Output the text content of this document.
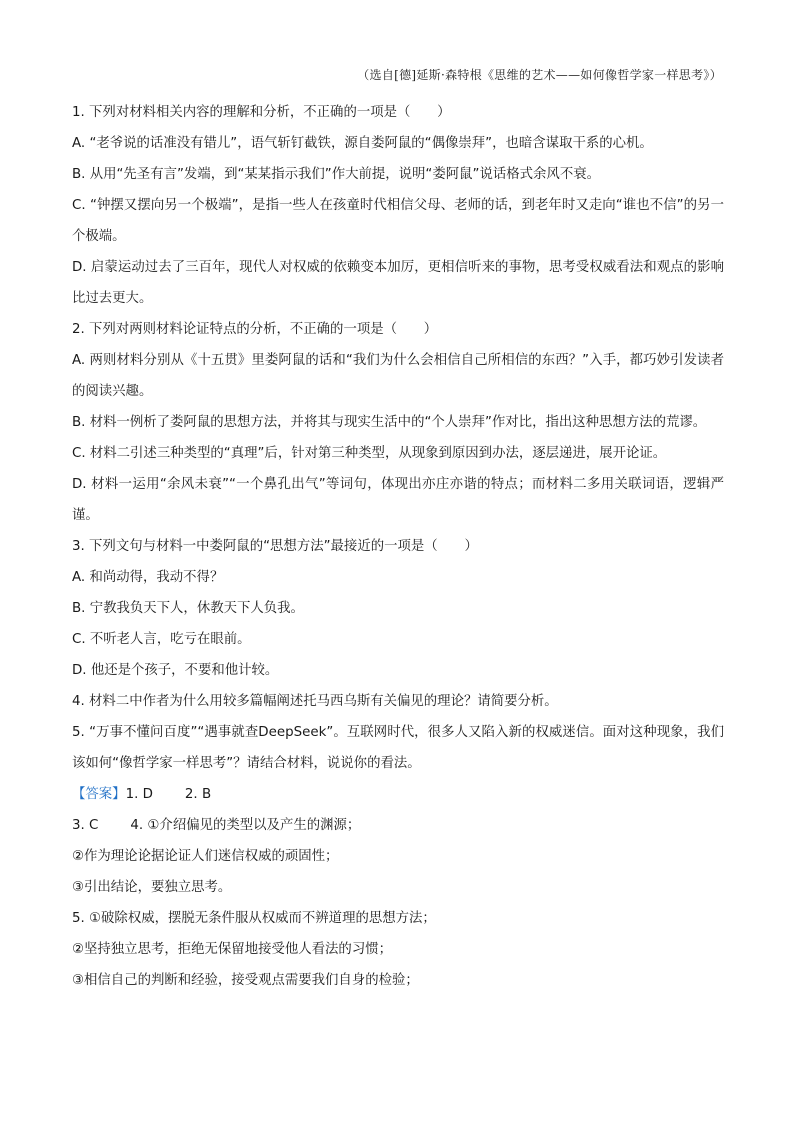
（选自[德]延斯·森特根《思维的艺术——如何像哲学家一样思考》）

1. 下列对材料相关内容的理解和分析，不正确的一项是（　　）

A. “老爷说的话准没有错儿”，语气斩钉截铁，源自娄阿鼠的“偶像崇拜”，也暗含谋取干系的心机。

B. 从用“先圣有言”发端，到“某某指示我们”作大前提，说明“娄阿鼠”说话格式余风不衰。

C. “钟摆又摆向另一个极端”，是指一些人在孩童时代相信父母、老师的话，到老年时又走向“谁也不信”的另一个极端。

D. 启蒙运动过去了三百年，现代人对权威的依赖变本加厉，更相信听来的事物，思考受权威看法和观点的影响比过去更大。

2. 下列对两则材料论证特点的分析，不正确的一项是（　　）

A. 两则材料分别从《十五贯》里娄阿鼠的话和“我们为什么会相信自己所相信的东西？”入手，都巧妙引发读者的阅读兴趣。

B. 材料一例析了娄阿鼠的思想方法，并将其与现实生活中的“个人崇拜”作对比，指出这种思想方法的荒谬。

C. 材料二引述三种类型的“真理”后，针对第三种类型，从现象到原因到办法，逐层递进，展开论证。

D. 材料一运用“余风未衰”“一个鼻孔出气”等词句，体现出亦庄亦谐的特点；而材料二多用关联词语，逻辑严谨。

3. 下列文句与材料一中娄阿鼠的“思想方法”最接近的一项是（　　）

A. 和尚动得，我动不得？

B. 宁教我负天下人，休教天下人负我。

C. 不听老人言，吃亏在眼前。

D. 他还是个孩子，不要和他计较。

4. 材料二中作者为什么用较多篇幅阐述托马西乌斯有关偏见的理论？请简要分析。

5. “万事不懂问百度”“遇事就查DeepSeek”。互联网时代，很多人又陷入新的权威迷信。面对这种现象，我们该如何“像哲学家一样思考”？请结合材料，说说你的看法。

【答案】1. D 2. B

3. C 4. ①介绍偏见的类型以及产生的渊源；

②作为理论论据论证人们迷信权威的顽固性；

③引出结论，要独立思考。

5. ①破除权威，摆脱无条件服从权威而不辨道理的思想方法；

②坚持独立思考，拒绝无保留地接受他人看法的习惯；

③相信自己的判断和经验，接受观点需要我们自身的检验；
